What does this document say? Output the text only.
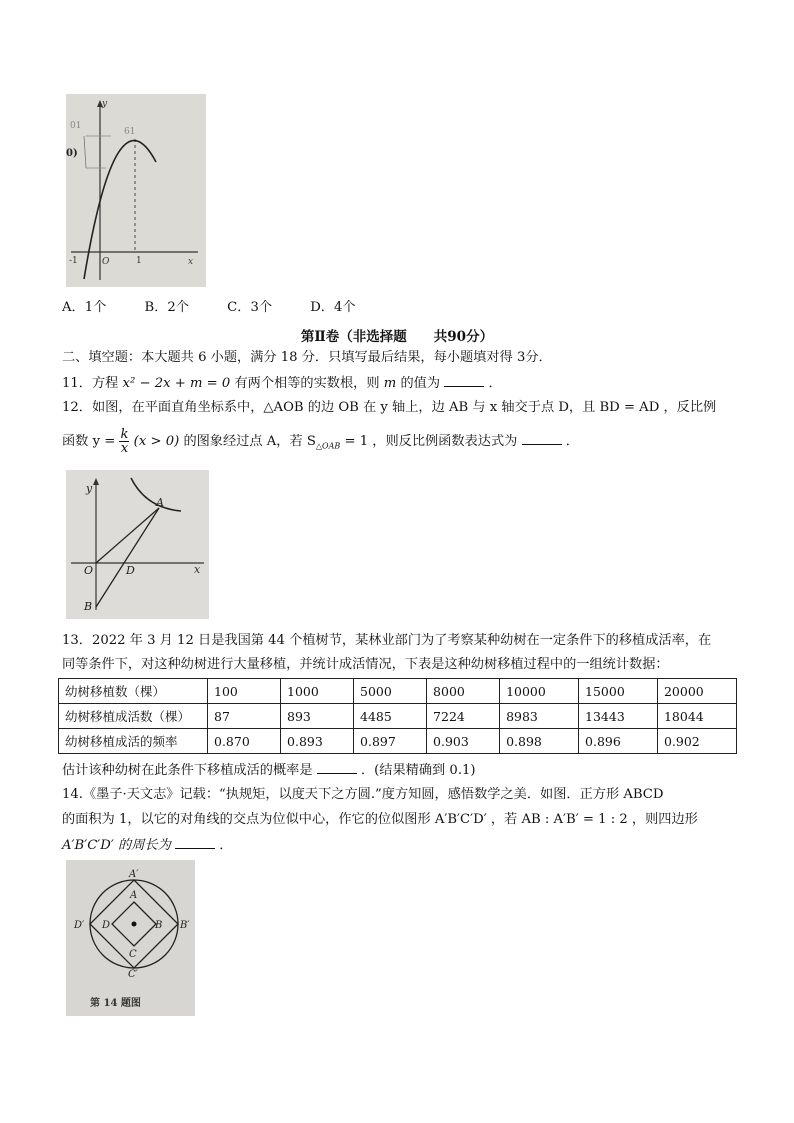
y
x
O
-1	1
01
0)
61
A．1个	B．2个	C．3个	D．4个
第Ⅱ卷（非选择题　　共90分）
二、填空题：本大题共 6 小题，满分 18 分．只填写最后结果，每小题填对得 3分．
11．方程 x² − 2x + m = 0 有两个相等的实数根，则 m 的值为	．
12．如图，在平面直角坐标系中，△AOB 的边 OB 在 y 轴上，边 AB 与 x 轴交于点 D，且 BD = AD ，反比例
函数 $y = \frac{k}{x} (x > 0)$ 的图象经过点 A，若 $S_{\triangle OAB} = 1$ ，则反比例函数表达式为	．
y
x
O	D
A
B
13．2022 年 3 月 12 日是我国第 44 个植树节，某林业部门为了考察某种幼树在一定条件下的移植成活率，在
同等条件下，对这种幼树进行大量移植，并统计成活情况，下表是这种幼树移植过程中的一组统计数据：
幼树移植数（棵）	100	1000	5000	8000	10000	15000	20000
幼树移植成活数（棵）	87	893	4485	7224	8983	13443	18044
幼树移植成活的频率	0.870	0.893	0.897	0.903	0.898	0.896	0.902
估计该种幼树在此条件下移植成活的概率是	．(结果精确到 0.1)
14.《墨子·天文志》记载：“执规矩，以度天下之方圆.”度方知圆，感悟数学之美．如图．正方形 ABCD
的面积为 1，以它的对角线的交点为位似中心，作它的位似图形 A′B′C′D′ ，若 AB : A′B′ = 1 : 2 ，则四边形
A′B′C′D′ 的周长为	．
A′
A
B B′
C
C′
D
D′
第 14 题图
